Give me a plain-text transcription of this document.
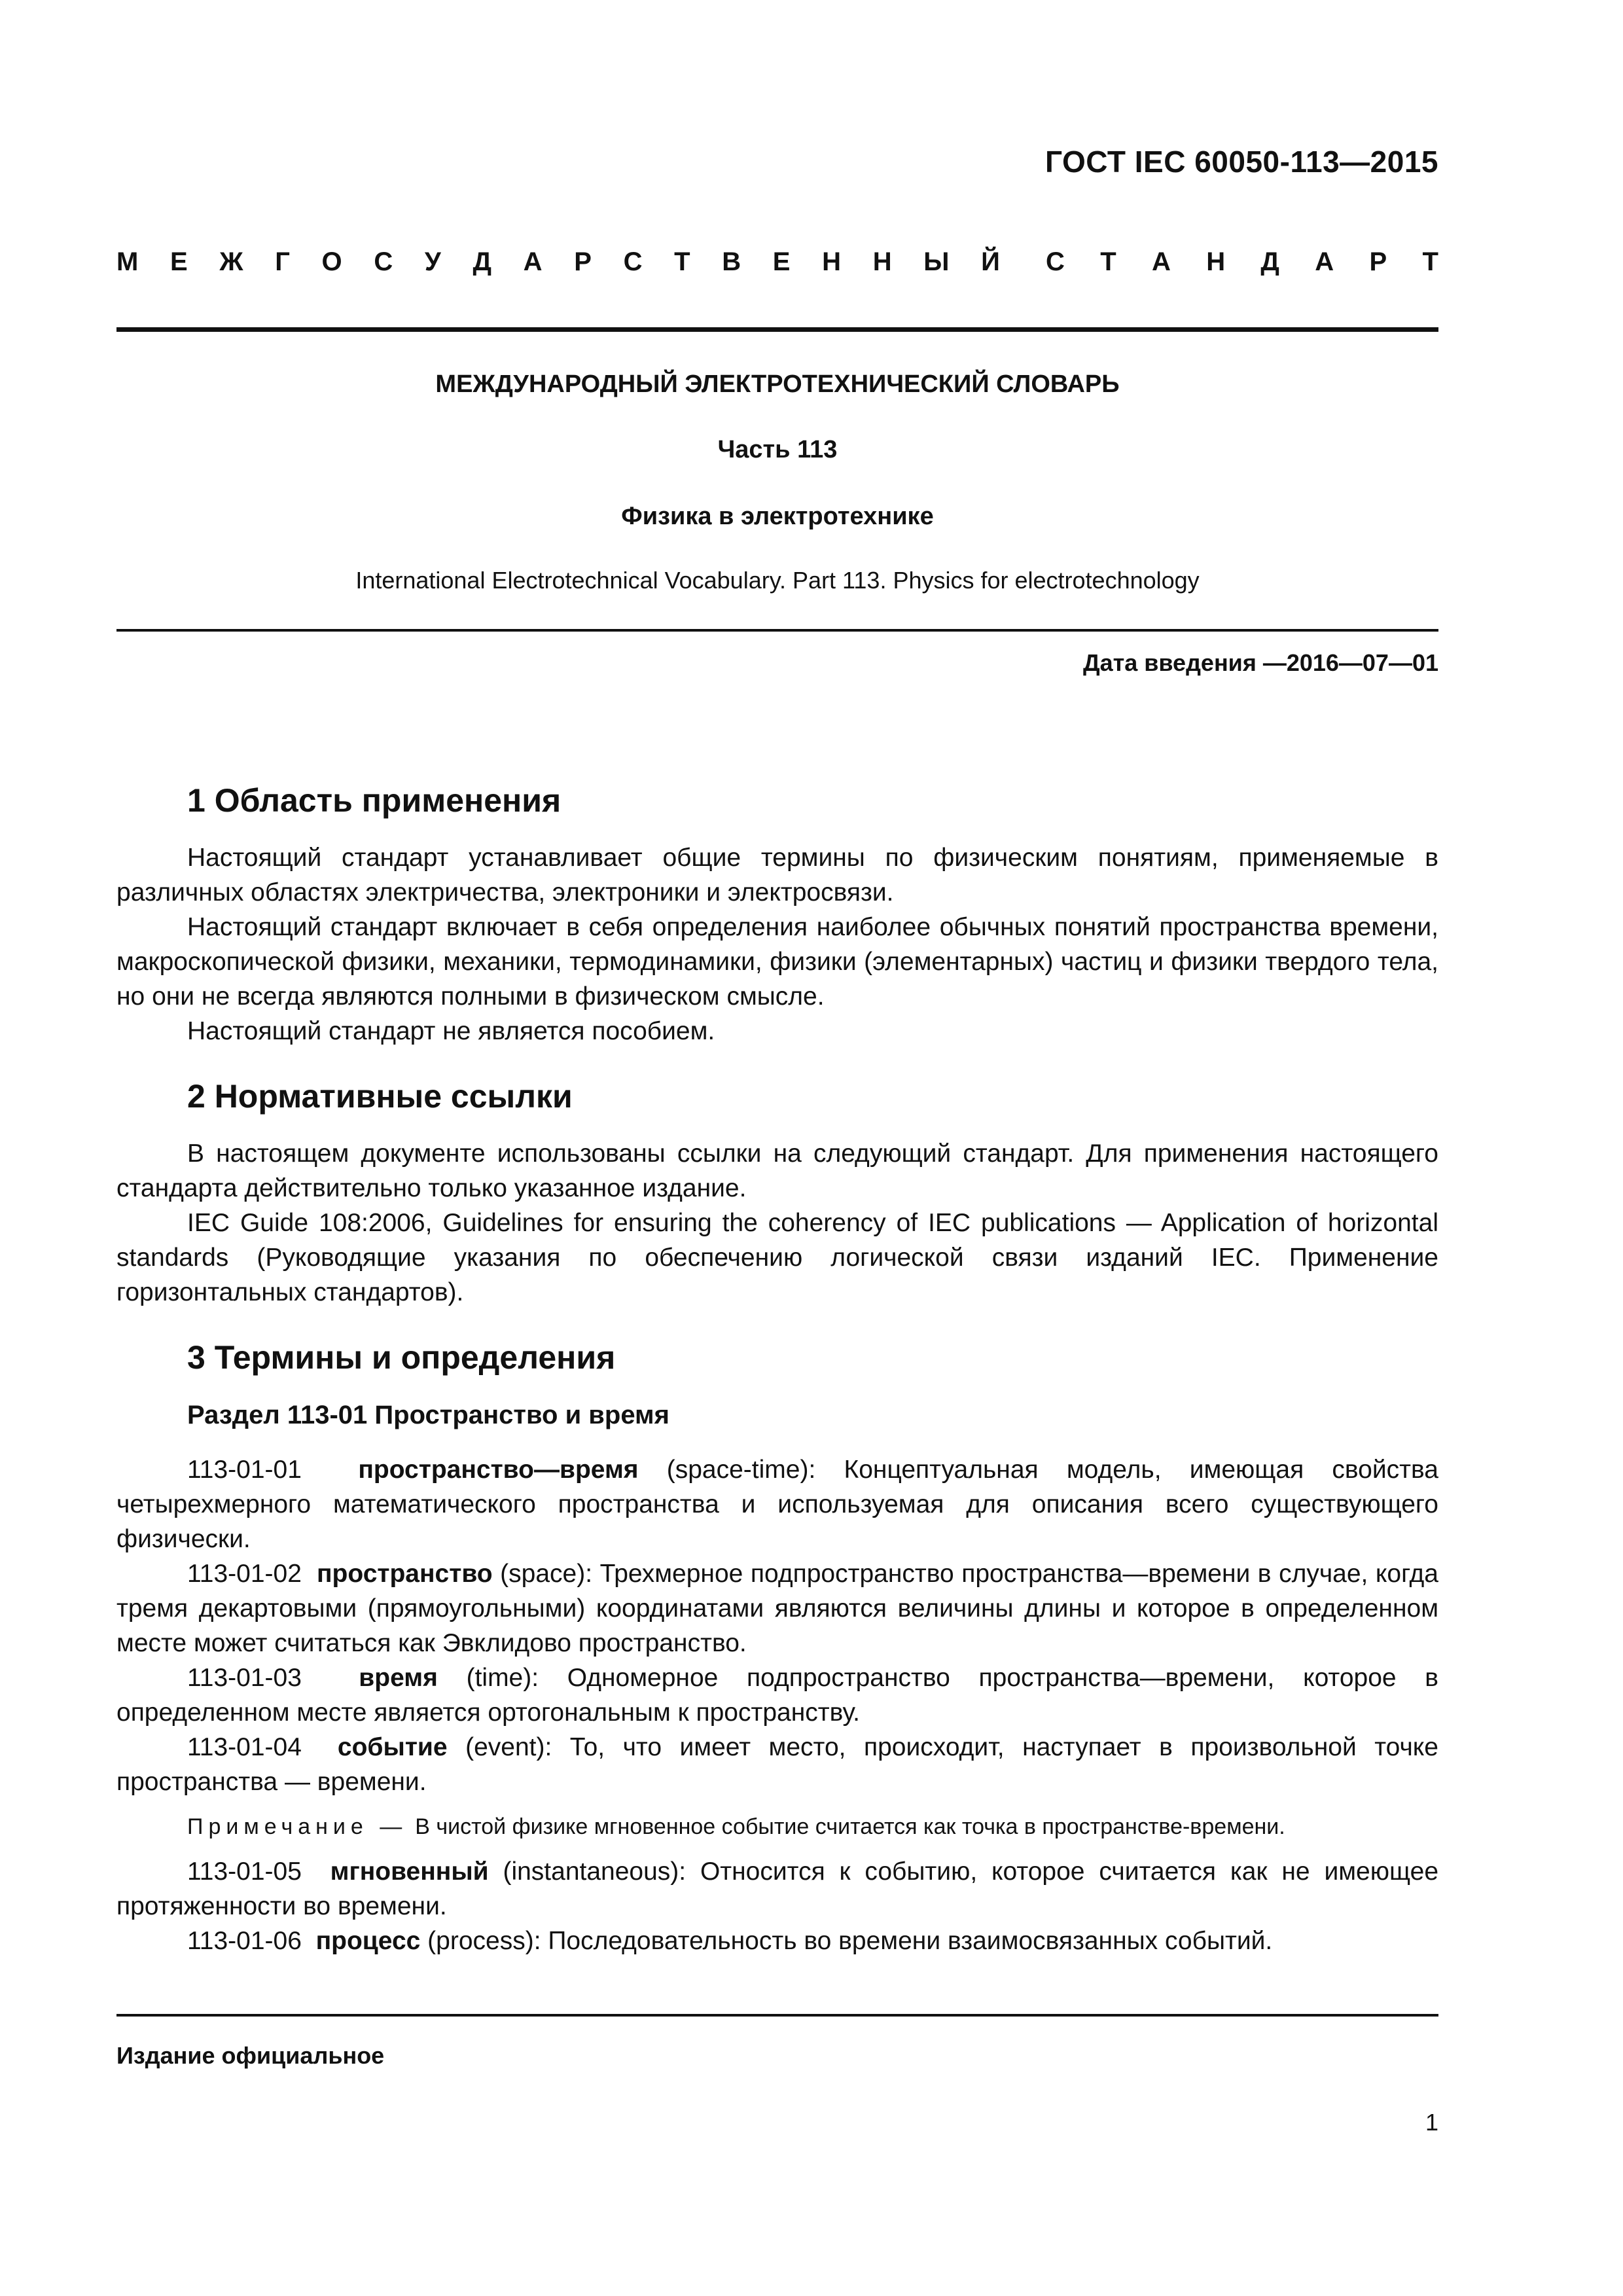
ГОСТ IEC 60050-113—2015
М Е Ж Г О С У Д А Р С Т В Е Н Н Ы Й С Т А Н Д А Р Т
МЕЖДУНАРОДНЫЙ ЭЛЕКТРОТЕХНИЧЕСКИЙ СЛОВАРЬ
Часть 113
Физика в электротехнике
International Electrotechnical Vocabulary. Part 113. Physics for electrotechnology
Дата введения —2016—07—01
1 Область применения

Настоящий стандарт устанавливает общие термины по физическим понятиям, применяемые в различных областях электричества, электроники и электросвязи.

Настоящий стандарт включает в себя определения наиболее обычных понятий пространства времени, макроскопической физики, механики, термодинамики, физики (элементарных) частиц и физики твердого тела, но они не всегда являются полными в физическом смысле.

Настоящий стандарт не является пособием.

2 Нормативные ссылки

В настоящем документе использованы ссылки на следующий стандарт. Для применения настоящего стандарта действительно только указанное издание.

IEC Guide 108:2006, Guidelines for ensuring the coherency of IEC publications — Application of horizontal standards (Руководящие указания по обеспечению логической связи изданий IEC. Применение горизонтальных стандартов).

3 Термины и определения
Раздел 113-01 Пространство и время

113-01-01 пространство—время (space-time): Концептуальная модель, имеющая свойства четырехмерного математического пространства и используемая для описания всего существующего физически.

113-01-02 пространство (space): Трехмерное подпространство пространства—времени в случае, когда тремя декартовыми (прямоугольными) координатами являются величины длины и которое в определенном месте может считаться как Эвклидово пространство.

113-01-03 время (time): Одномерное подпространство пространства—времени, которое в определенном месте является ортогональным к пространству.

113-01-04 событие (event): То, что имеет место, происходит, наступает в произвольной точке пространства — времени.

Примечание — В чистой физике мгновенное событие считается как точка в пространстве-времени.

113-01-05 мгновенный (instantaneous): Относится к событию, которое считается как не имеющее протяженности во времени.

113-01-06 процесс (process): Последовательность во времени взаимосвязанных событий.

Издание официальное
1
